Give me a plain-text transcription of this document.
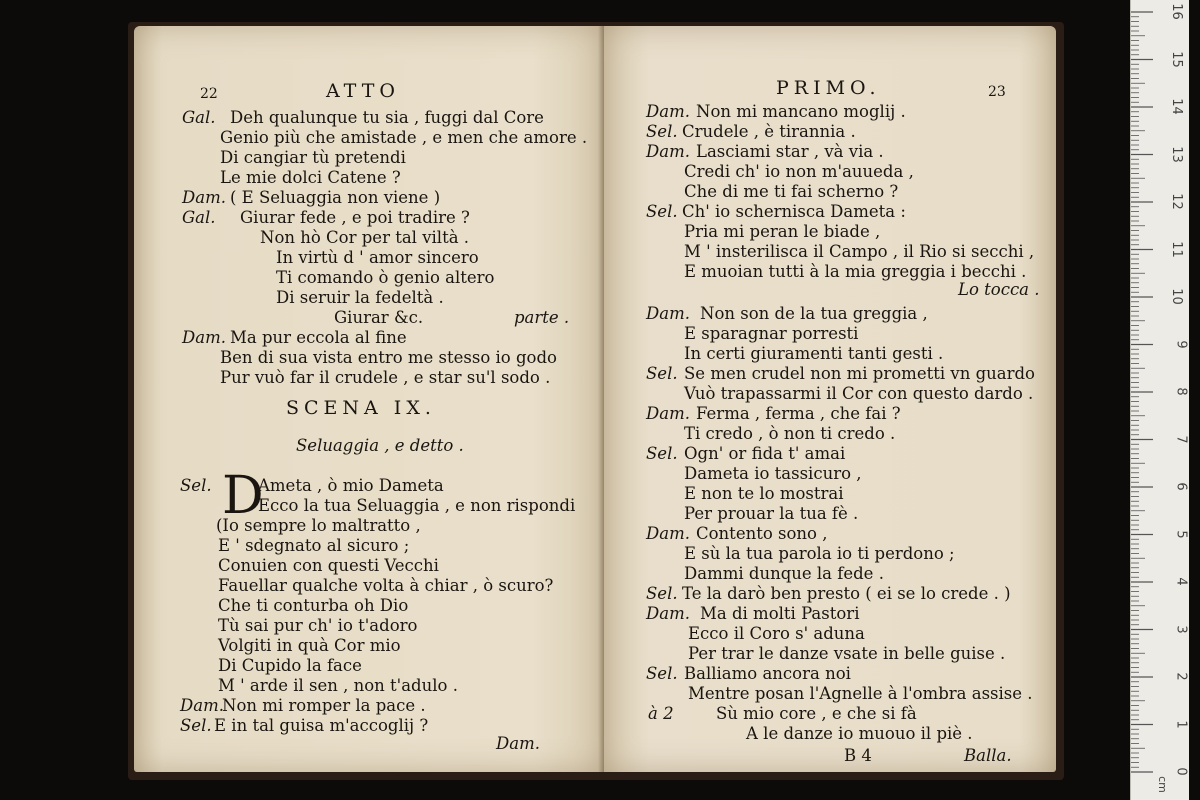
22	ATTO
Gal. Deh qualunque tu sia , fuggi dal Core
Genio più che amistade , e men che amore .
Di cangiar tù pretendi
Le mie dolci Catene ?
Dam. ( E Seluaggia non viene )
Gal. Giurar fede , e poi tradire ?
Non hò Cor per tal viltà .
In virtù d ' amor sincero
Ti comando ò genio altero
Di seruir la fedeltà .
Giurar &c.	parte .
Dam. Ma pur eccola al fine
Ben di sua vista entro me stesso io godo
Pur vuò far il crudele , e star su'l sodo .
SCENA IX.
Seluaggia , e detto .
Sel. D
Ameta , ò mio Dameta
Ecco la tua Seluaggia , e non rispondi
(Io sempre lo maltratto ,
E ' sdegnato al sicuro ;
Conuien con questi Vecchi
Fauellar qualche volta à chiar , ò scuro?
Che ti conturba oh Dio
Tù sai pur ch' io t'adoro
Volgiti in quà Cor mio
Di Cupido la face
M ' arde il sen , non t'adulo .
Dam.
Non mi romper la pace .
Sel. E in tal guisa m'accoglij ?
Dam.
PRIMO.	23
Dam. Non mi mancano moglij .
Sel. Crudele , è tirannia .
Dam. Lasciami star , và via .
Credi ch' io non m'auueda ,
Che di me ti fai scherno ?
Sel. Ch' io schernisca Dameta :
Pria mi peran le biade ,
M ' insterilisca il Campo , il Rio si secchi ,
E muoian tutti à la mia greggia i becchi .
Lo tocca .
Dam. Non son de la tua greggia ,
E sparagnar porresti
In certi giuramenti tanti gesti .
Sel. Se men crudel non mi prometti vn guardo
Vuò trapassarmi il Cor con questo dardo .
Dam. Ferma , ferma , che fai ?
Ti credo , ò non ti credo .
Sel. Ogn' or fida t' amai
Dameta io tassicuro ,
E non te lo mostrai
Per prouar la tua fè .
Dam. Contento sono ,
E sù la tua parola io ti perdono ;
Dammi dunque la fede .
Sel. Te la darò ben presto ( ei se lo crede . )
Dam. Ma di molti Pastori
Ecco il Coro s' aduna
Per trar le danze vsate in belle guise .
Sel. Balliamo ancora noi
Mentre posan l'Agnelle à l'ombra assise .
à 2	Sù mio core , e che si fà
A le danze io muouo il piè .
B 4	Balla.
16
15
14
13
12
11
10
9
8
7
6
5
4
3
2
1
0
cm
